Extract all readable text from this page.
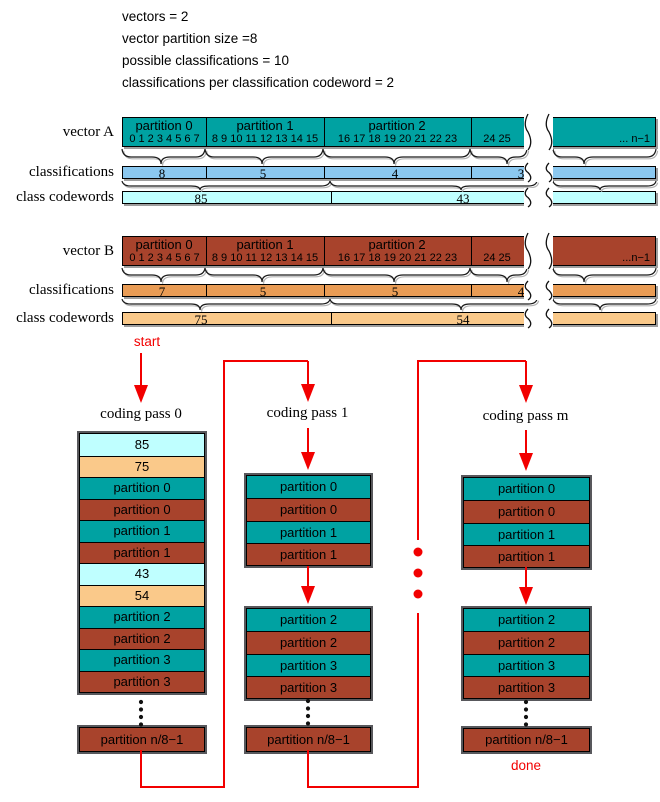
vectors = 2
vector partition size =8
possible classifications = 10
classifications per classification codeword = 2
vector A
classifications
class codewords
vector B
classifications
class codewords
partition 0	partition 1	partition 2
0 1 2 3 4 5 6 7	8 9 10 11 12 13 14 15	16 17 18 19 20 21 22 23	24 25	... n−1
8	5	4	3
85	43
partition 0	partition 1	partition 2
0 1 2 3 4 5 6 7	8 9 10 11 12 13 14 15	16 17 18 19 20 21 22 23	24 25	...n−1
7	5	5	4
75	54
85
75
partition 0
partition 0
partition 1
partition 1
43
54
partition 2
partition 2
partition 3
partition 3
partition n/8−1
partition 0
partition 0
partition 1
partition 1
partition 2
partition 2
partition 3
partition 3
partition n/8−1
partition 0
partition 0
partition 1
partition 1
partition 2
partition 2
partition 3
partition 3
partition n/8−1
coding pass 0	coding pass 1	coding pass m
start
done
